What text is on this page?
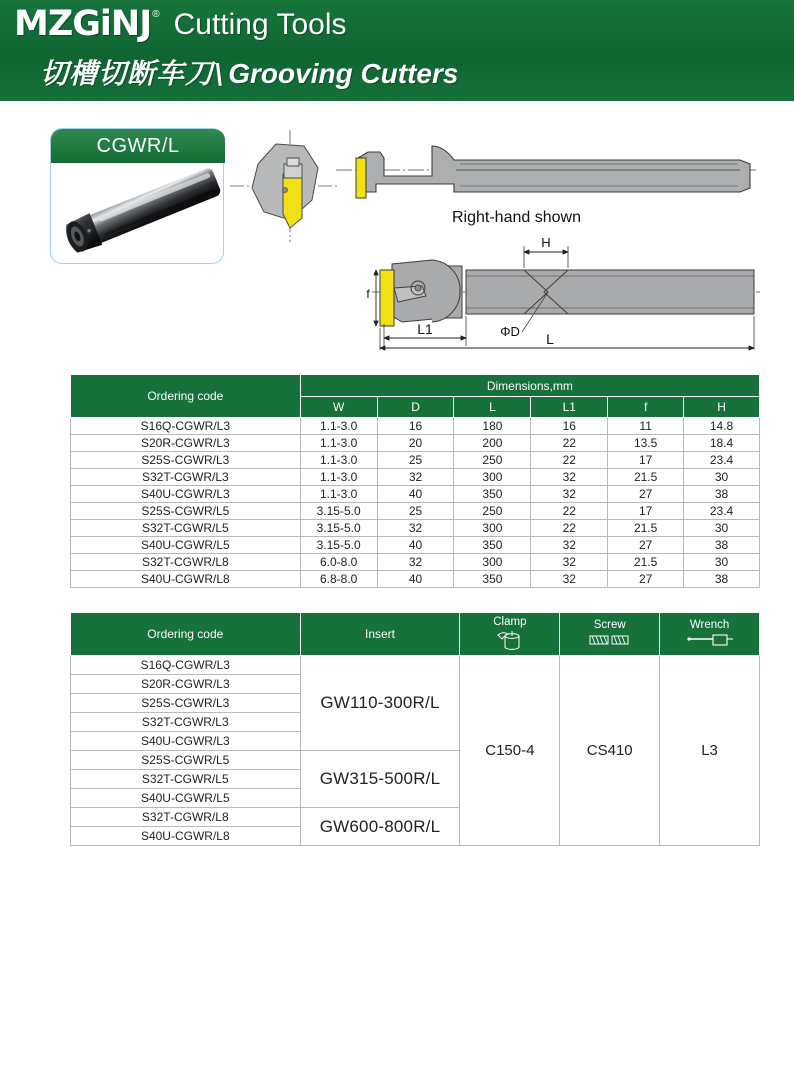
MZGiNJ ® Cutting Tools
切槽切断车刀\ Grooving Cutters
CGWR/L
H
L1	ΦD L
f
Right-hand shown
Ordering code	Dimensions,mm					
	W	D	L	L1	f	H
S16Q-CGWR/L3	1.1-3.0	16	180	16	11	14.8
S20R-CGWR/L3	1.1-3.0	20	200	22	13.5	18.4
S25S-CGWR/L3	1.1-3.0	25	250	22	17	23.4
S32T-CGWR/L3	1.1-3.0	32	300	32	21.5	30
S40U-CGWR/L3	1.1-3.0	40	350	32	27	38
S25S-CGWR/L5	3.15-5.0	25	250	22	17	23.4
S32T-CGWR/L5	3.15-5.0	32	300	22	21.5	30
S40U-CGWR/L5	3.15-5.0	40	350	32	27	38
S32T-CGWR/L8	6.0-8.0	32	300	32	21.5	30
S40U-CGWR/L8	6.8-8.0	40	350	32	27	38
Ordering code	Insert	Clamp	Screw	Wrench

S16Q-CGWR/L3	GW110-300R/L	C150-4	CS410	L3
S20R-CGWR/L3				
S25S-CGWR/L3				
S32T-CGWR/L3				
S40U-CGWR/L3				
S25S-CGWR/L5	GW315-500R/L			
S32T-CGWR/L5				
S40U-CGWR/L5				
S32T-CGWR/L8	GW600-800R/L			
S40U-CGWR/L8				
